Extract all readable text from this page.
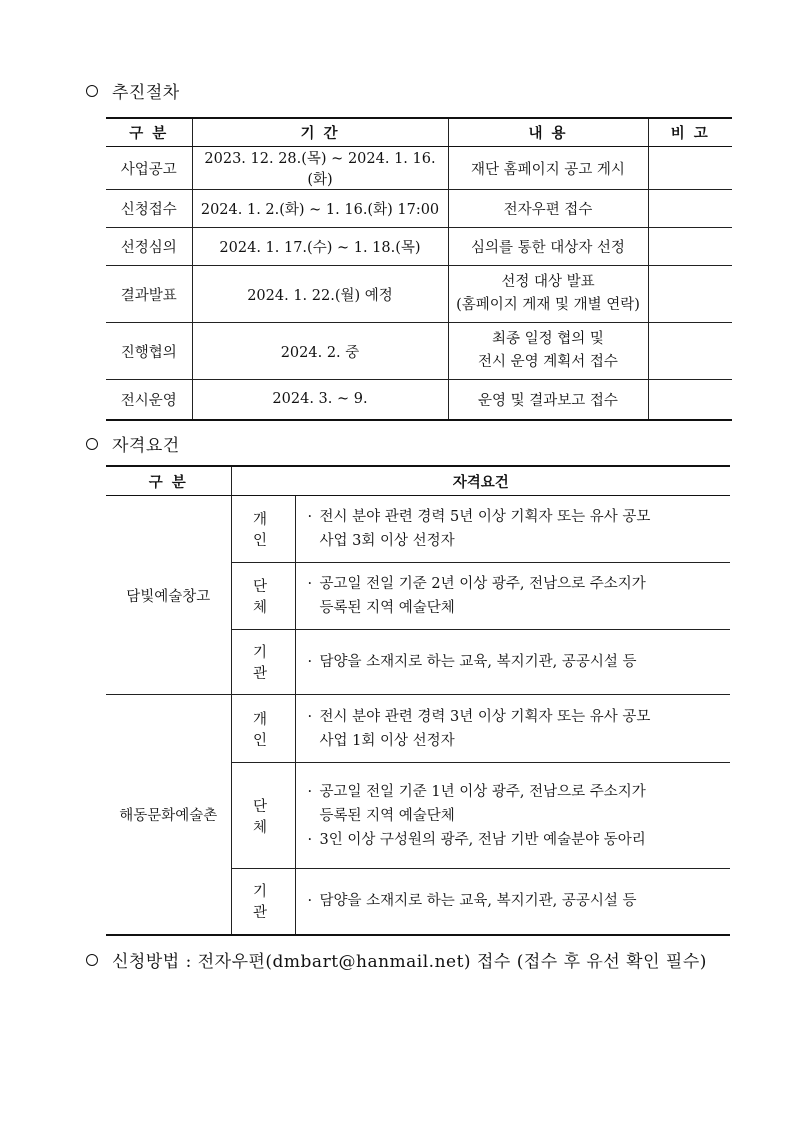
추진절차
구 분	기 간	내 용	비 고
사업공고	2023. 12. 28.(목) ~ 2024. 1. 16.(화)	재단 홈페이지 공고 게시	
신청접수	2024. 1. 2.(화) ~ 1. 16.(화) 17:00	전자우편 접수	
선정심의	2024. 1. 17.(수) ~ 1. 18.(목)	심의를 통한 대상자 선정	
결과발표	2024. 1. 22.(월) 예정	선정 대상 발표
(홈페이지 게재 및 개별 연락)	

진행협의	2024. 2. 중	최종 일정 협의 및
전시 운영 계획서 접수	

전시운영	2024. 3. ~ 9.	운영 및 결과보고 접수	
자격요건
구 분	자격요건	
담빛예술창고	개인	· 전시 분야 관련 경력 5년 이상 기획자 또는 유사 공모
사업 3회 이상 선정자

	단체	· 공고일 전일 기준 2년 이상 광주, 전남으로 주소지가
등록된 지역 예술단체

	기관	· 담양을 소재지로 하는 교육, 복지기관, 공공시설 등

해동문화예술촌	개인	· 전시 분야 관련 경력 3년 이상 기획자 또는 유사 공모
사업 1회 이상 선정자

	단체	· 공고일 전일 기준 1년 이상 광주, 전남으로 주소지가
등록된 지역 예술단체
· 3인 이상 구성원의 광주, 전남 기반 예술분야 동아리

	기관	· 담양을 소재지로 하는 교육, 복지기관, 공공시설 등
신청방법 : 전자우편(dmbart@hanmail.net) 접수 (접수 후 유선 확인 필수)
